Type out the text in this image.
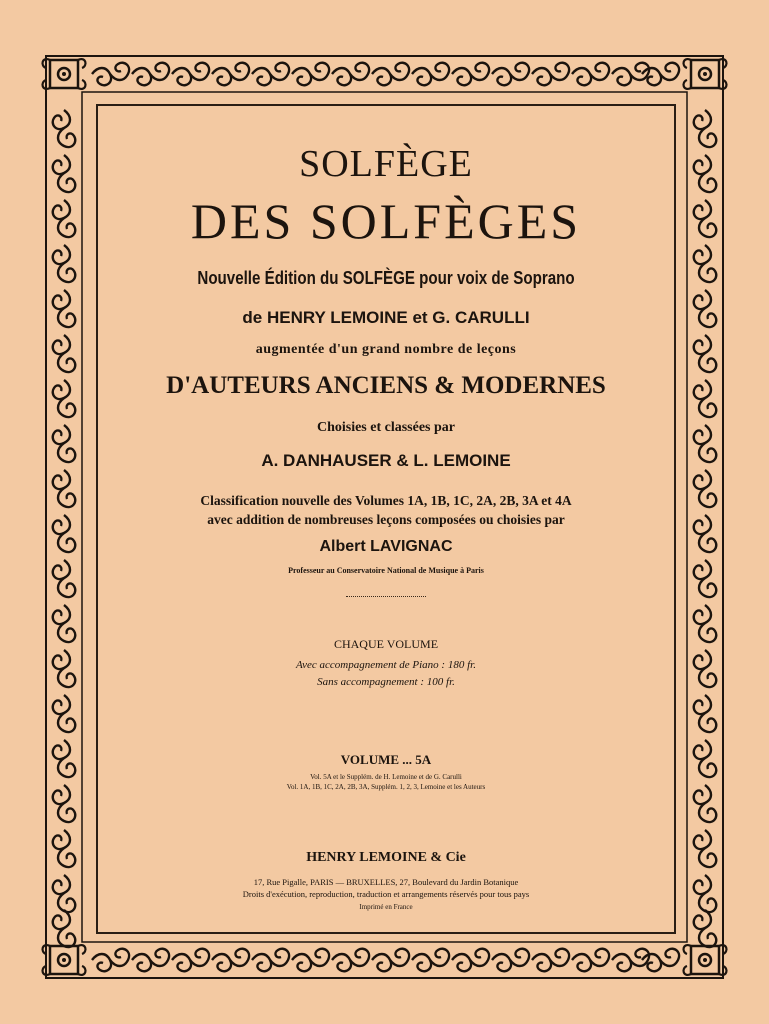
SOLFÈGE
DES SOLFÈGES
Nouvelle Édition du SOLFÈGE pour voix de Soprano
de HENRY LEMOINE et G. CARULLI
augmentée d'un grand nombre de leçons
D'AUTEURS ANCIENS & MODERNES
Choisies et classées par
A. DANHAUSER & L. LEMOINE
Classification nouvelle des Volumes 1A, 1B, 1C, 2A, 2B, 3A et 4A
avec addition de nombreuses leçons composées ou choisies par
Albert LAVIGNAC
Professeur au Conservatoire National de Musique à Paris
CHAQUE VOLUME
Avec accompagnement de Piano : 180 fr.
Sans accompagnement : 100 fr.
VOLUME ... 5A
Vol. 5A et le Supplém. de H. Lemoine et de G. Carulli
Vol. 1A, 1B, 1C, 2A, 2B, 3A, Supplém. 1, 2, 3, Lemoine et les Auteurs
HENRY LEMOINE & Cie
17, Rue Pigalle, PARIS — BRUXELLES, 27, Boulevard du Jardin Botanique
Droits d'exécution, reproduction, traduction et arrangements réservés pour tous pays
Imprimé en France
